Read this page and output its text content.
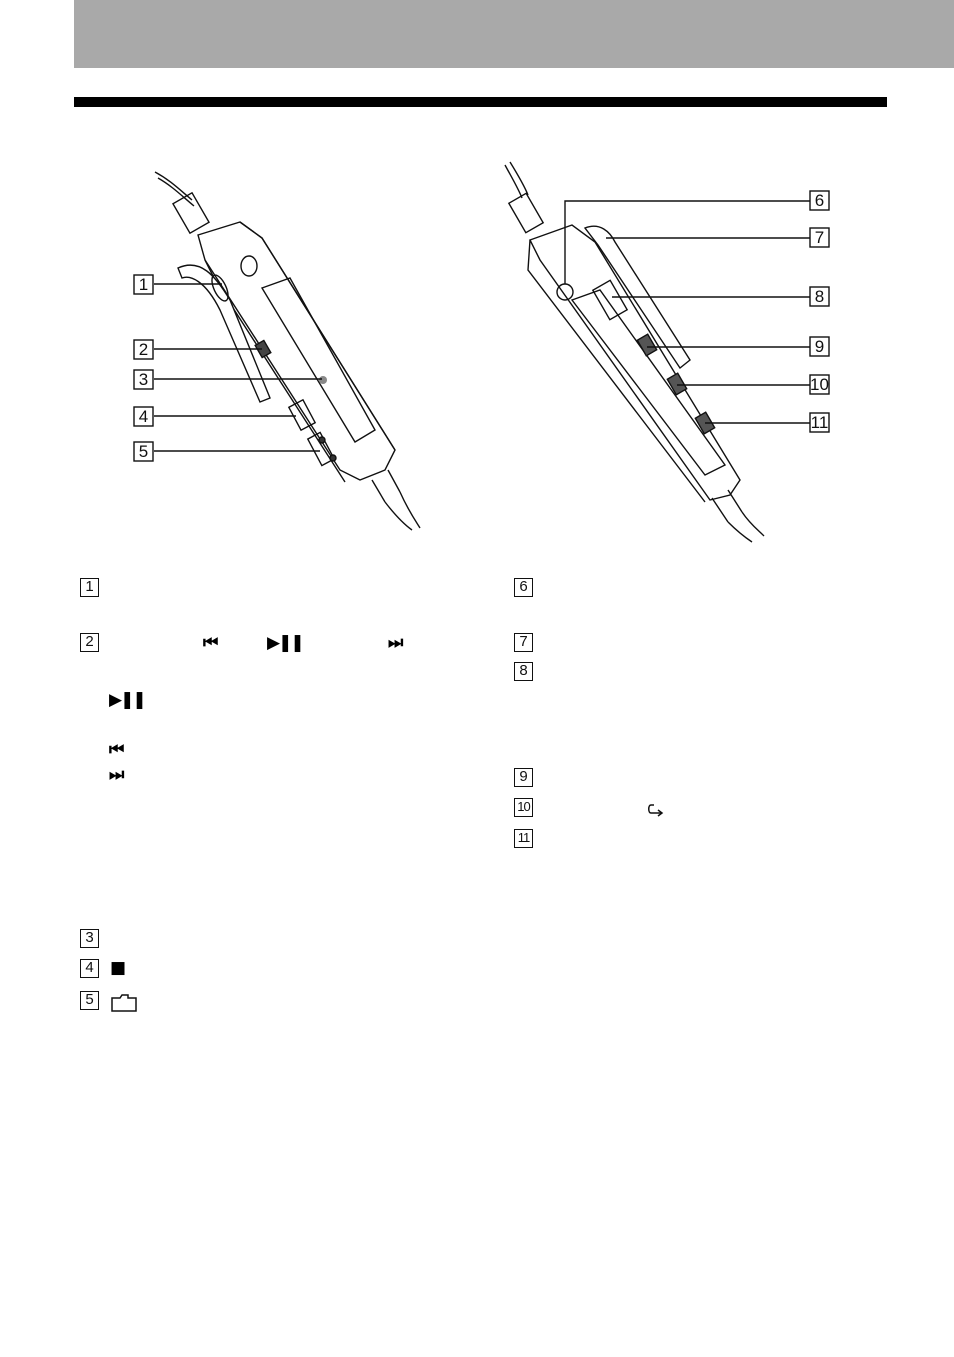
1
2
3
4
5
6
7
8
9
10
11
1
2	⏮	▶❚❚	⏭
▶❚❚
⏮
⏭
3
4 ■
5
6
7
8
9
10
11
